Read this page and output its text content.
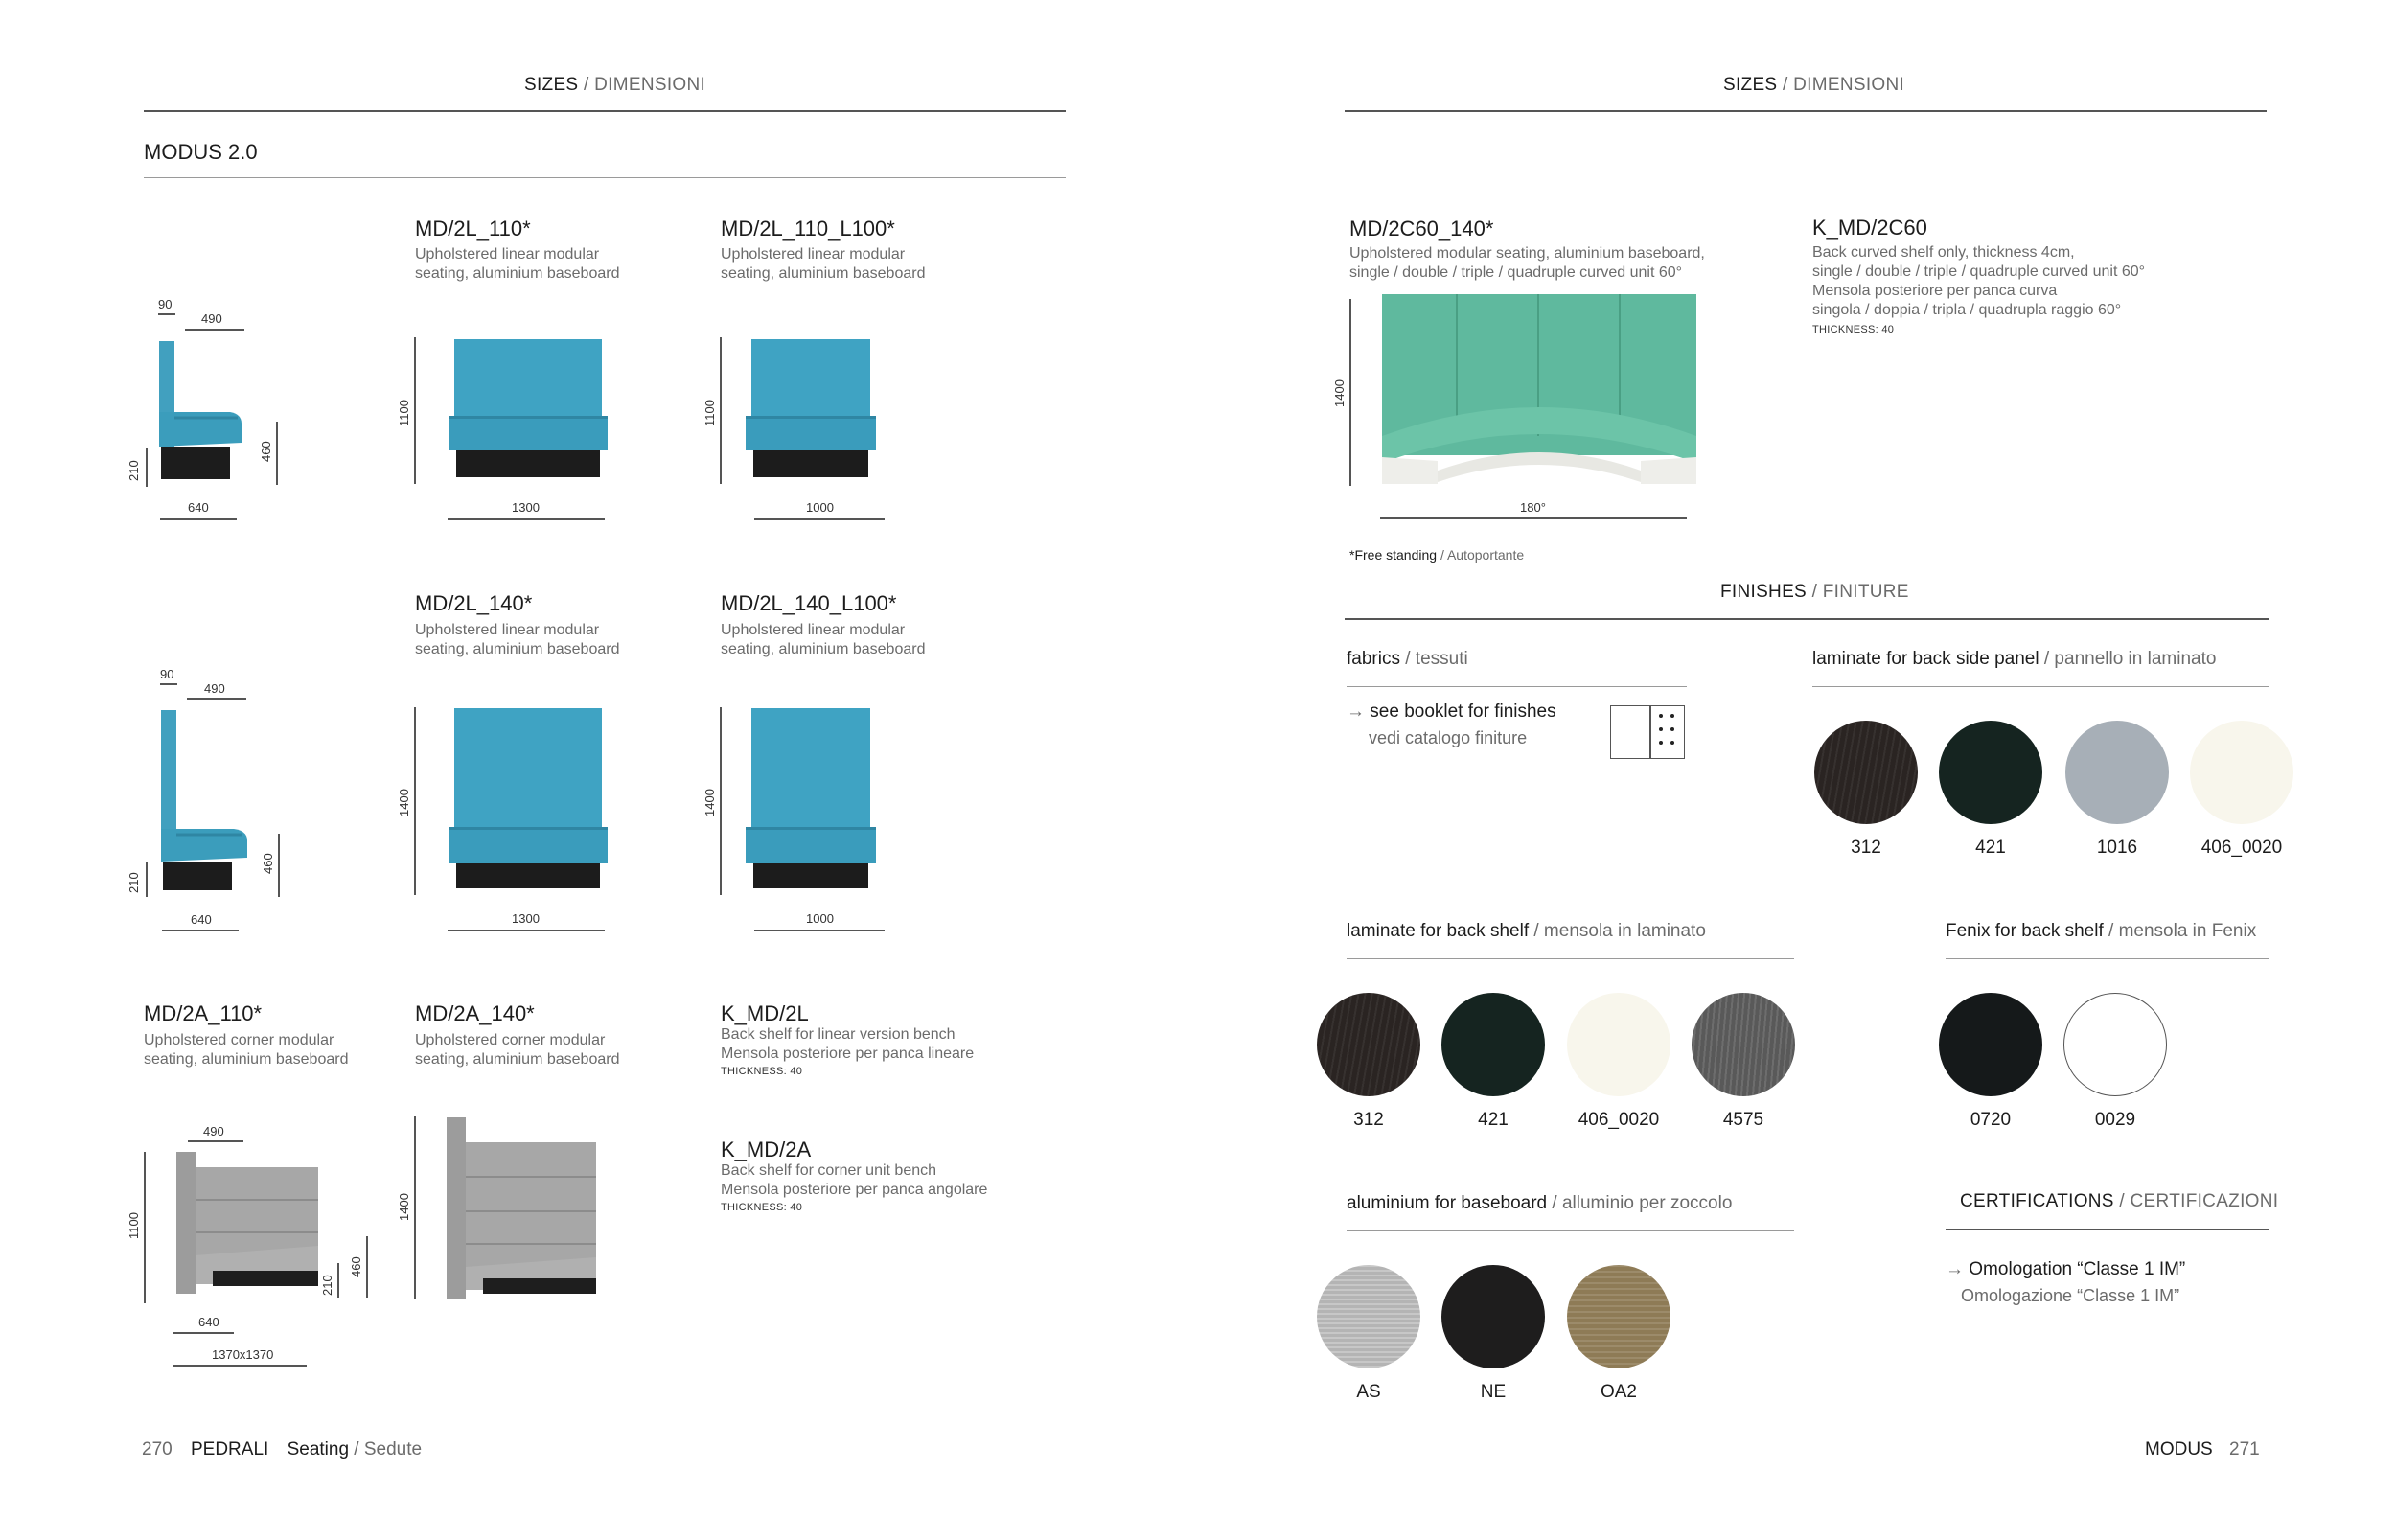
SIZES / DIMENSIONI
MODUS 2.0
90
490
210
460
640
MD/2L_110*
Upholstered linear modular
seating, aluminium baseboard
1100
1300
MD/2L_110_L100*
Upholstered linear modular
seating, aluminium baseboard
1100
1000
90
490
210
460
640
MD/2L_140*
Upholstered linear modular
seating, aluminium baseboard
1400
1300
MD/2L_140_L100*
Upholstered linear modular
seating, aluminium baseboard
1400
1000
MD/2A_110*
Upholstered corner modular
seating, aluminium baseboard
490
1100
210
460
640
1370x1370
MD/2A_140*
Upholstered corner modular
seating, aluminium baseboard
1400
K_MD/2L
Back shelf for linear version bench
Mensola posteriore per panca lineare
THICKNESS: 40
K_MD/2A
Back shelf for corner unit bench
Mensola posteriore per panca angolare
THICKNESS: 40
270 PEDRALI Seating / Sedute
SIZES / DIMENSIONI
MD/2C60_140*
Upholstered modular seating, aluminium baseboard,
single / double / triple / quadruple curved unit 60°
1400
180°
K_MD/2C60
Back curved shelf only, thickness 4cm,
single / double / triple / quadruple curved unit 60°
Mensola posteriore per panca curva
singola / doppia / tripla / quadrupla raggio 60°
THICKNESS: 40
*Free standing / Autoportante
FINISHES / FINITURE
fabrics / tessuti
→ see booklet for finishes
vedi catalogo finiture
laminate for back side panel / pannello in laminato
312	421	1016	406_0020
laminate for back shelf / mensola in laminato
312	421	406_0020	4575
Fenix for back shelf / mensola in Fenix
0720	0029
aluminium for baseboard / alluminio per zoccolo
AS	NE	OA2
CERTIFICATIONS / CERTIFICAZIONI
→ Omologation “Classe 1 IM”
Omologazione “Classe 1 IM”
MODUS 271
